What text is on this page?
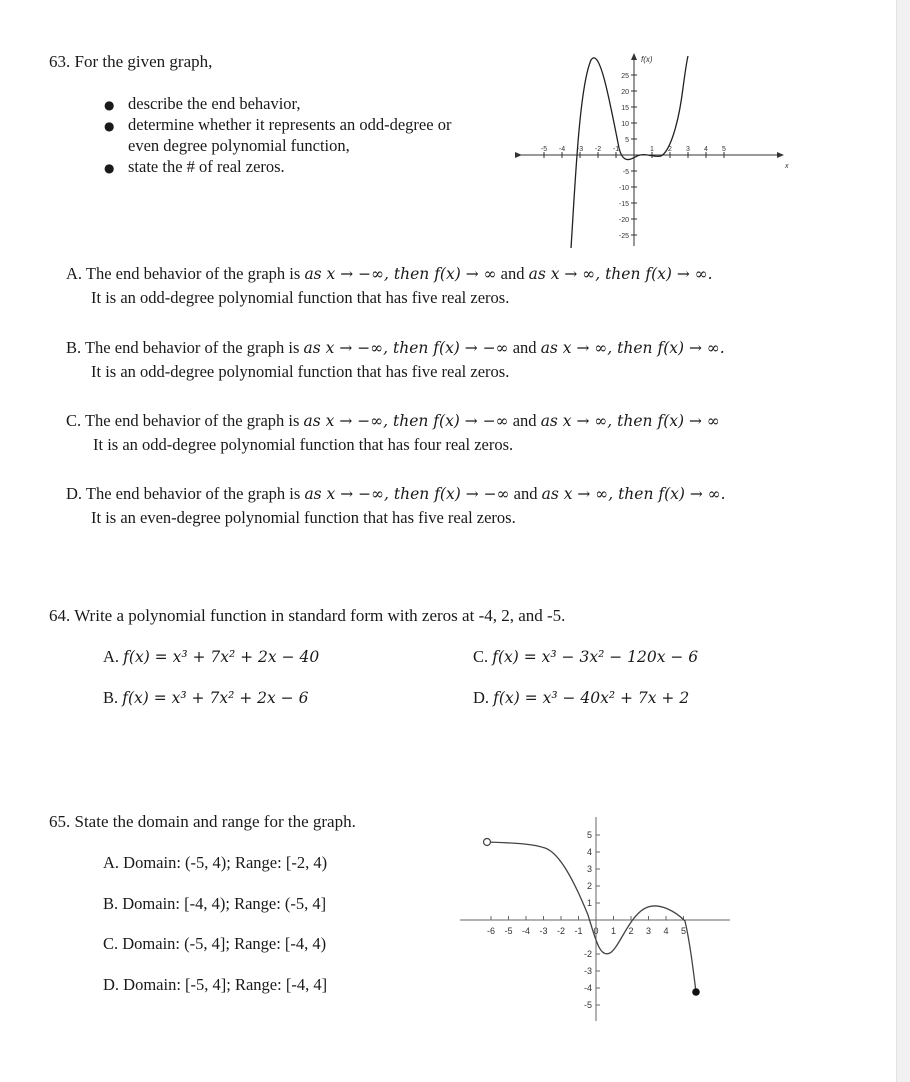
63. For the given graph,
● describe the end behavior,
● determine whether it represents an odd-degree or
even degree polynomial function,
● state the # of real zeros.
-5 -4 -3 -2 -1	1 2 3 4 5
25
20
15
10
5
-5
-10
-15
-20
-25
f(x)
x
A. The end behavior of the graph is as x → −∞, then f(x) → ∞ and as x → ∞, then f(x) → ∞.
It is an odd-degree polynomial function that has five real zeros.
B. The end behavior of the graph is as x → −∞, then f(x) → −∞ and as x → ∞, then f(x) → ∞.
It is an odd-degree polynomial function that has five real zeros.
C. The end behavior of the graph is as x → −∞, then f(x) → −∞ and as x → ∞, then f(x) → ∞
It is an odd-degree polynomial function that has four real zeros.
D. The end behavior of the graph is as x → −∞, then f(x) → −∞ and as x → ∞, then f(x) → ∞.
It is an even-degree polynomial function that has five real zeros.
64. Write a polynomial function in standard form with zeros at -4, 2, and -5.
A. f(x) = x³ + 7x² + 2x − 40
B. f(x) = x³ + 7x² + 2x − 6
C. f(x) = x³ − 3x² − 120x − 6
D. f(x) = x³ − 40x² + 7x + 2
65. State the domain and range for the graph.
A. Domain: (-5, 4); Range: [-2, 4)
B. Domain: [-4, 4); Range: (-5, 4]
C. Domain: (-5, 4]; Range: [-4, 4)
D. Domain: [-5, 4]; Range: [-4, 4]
-6 -5 -4 -3 -2 -1 0 1 2 3 4 5
5
4
3
2
1
-2
-3
-4
-5
